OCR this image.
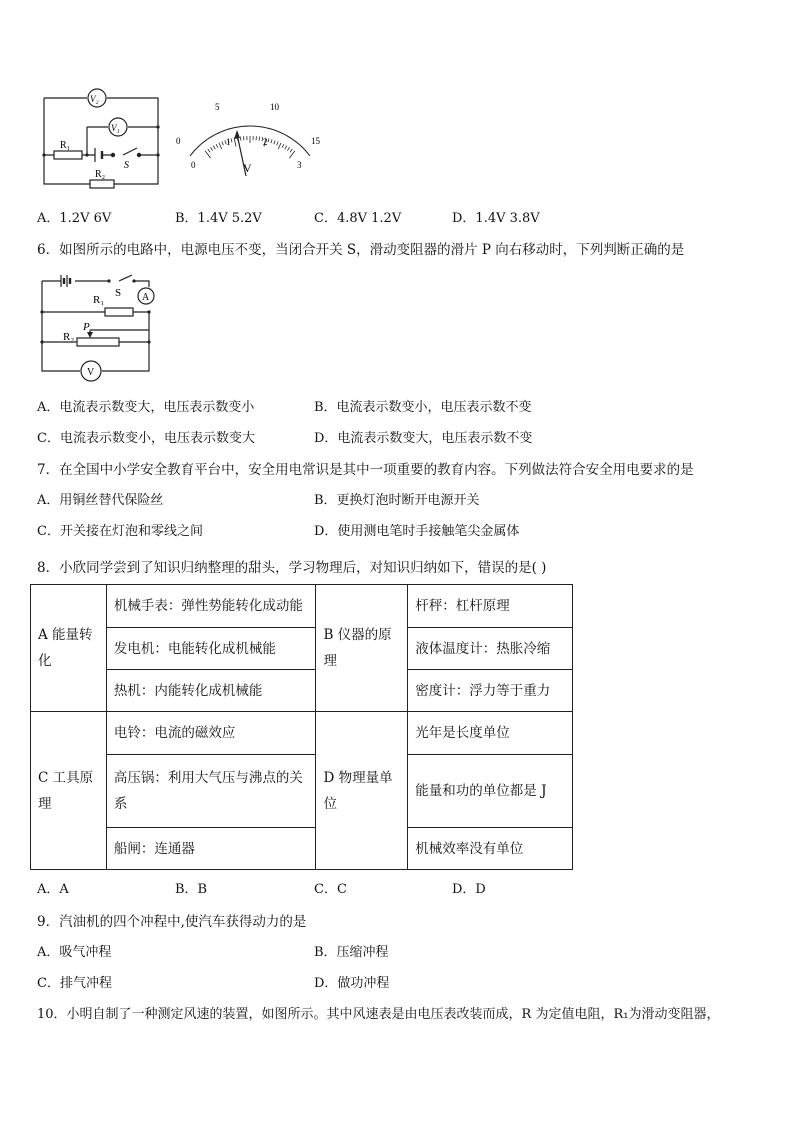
V₂
V₁
R₁
R₂
S
5	10
15
0
0
1	2
3
V
A．1.2V 6V	B．1.4V 5.2V	C．4.8V 1.2V	D．1.4V 3.8V
6．如图所示的电路中，电源电压不变，当闭合开关 S，滑动变阻器的滑片 P 向右移动时，下列判断正确的是
S
R₁
R₂
P
A
V
A．电流表示数变大，电压表示数变小	B．电流表示数变小，电压表示数不变
C．电流表示数变小，电压表示数变大	D．电流表示数变大，电压表示数不变
7．在全国中小学安全教育平台中，安全用电常识是其中一项重要的教育内容。下列做法符合安全用电要求的是
A．用铜丝替代保险丝	B．更换灯泡时断开电源开关
C．开关接在灯泡和零线之间	D．使用测电笔时手接触笔尖金属体
8．小欣同学尝到了知识归纳整理的甜头，学习物理后，对知识归纳如下，错误的是( )
A 能量转化	机械手表：弹性势能转化成动能	B 仪器的原理	杆秤：杠杆原理
	发电机：电能转化成机械能		液体温度计：热胀冷缩
	热机：内能转化成机械能		密度计：浮力等于重力
C 工具原理	电铃：电流的磁效应	D 物理量单位	光年是长度单位
	高压锅：利用大气压与沸点的关系		能量和功的单位都是 J
	船闸：连通器		机械效率没有单位
A．A	B．B	C．C	D．D
9．汽油机的四个冲程中,使汽车获得动力的是
A．吸气冲程	B．压缩冲程
C．排气冲程	D．做功冲程
10．小明自制了一种测定风速的装置，如图所示。其中风速表是由电压表改装而成，R 为定值电阻，R₁为滑动变阻器，
